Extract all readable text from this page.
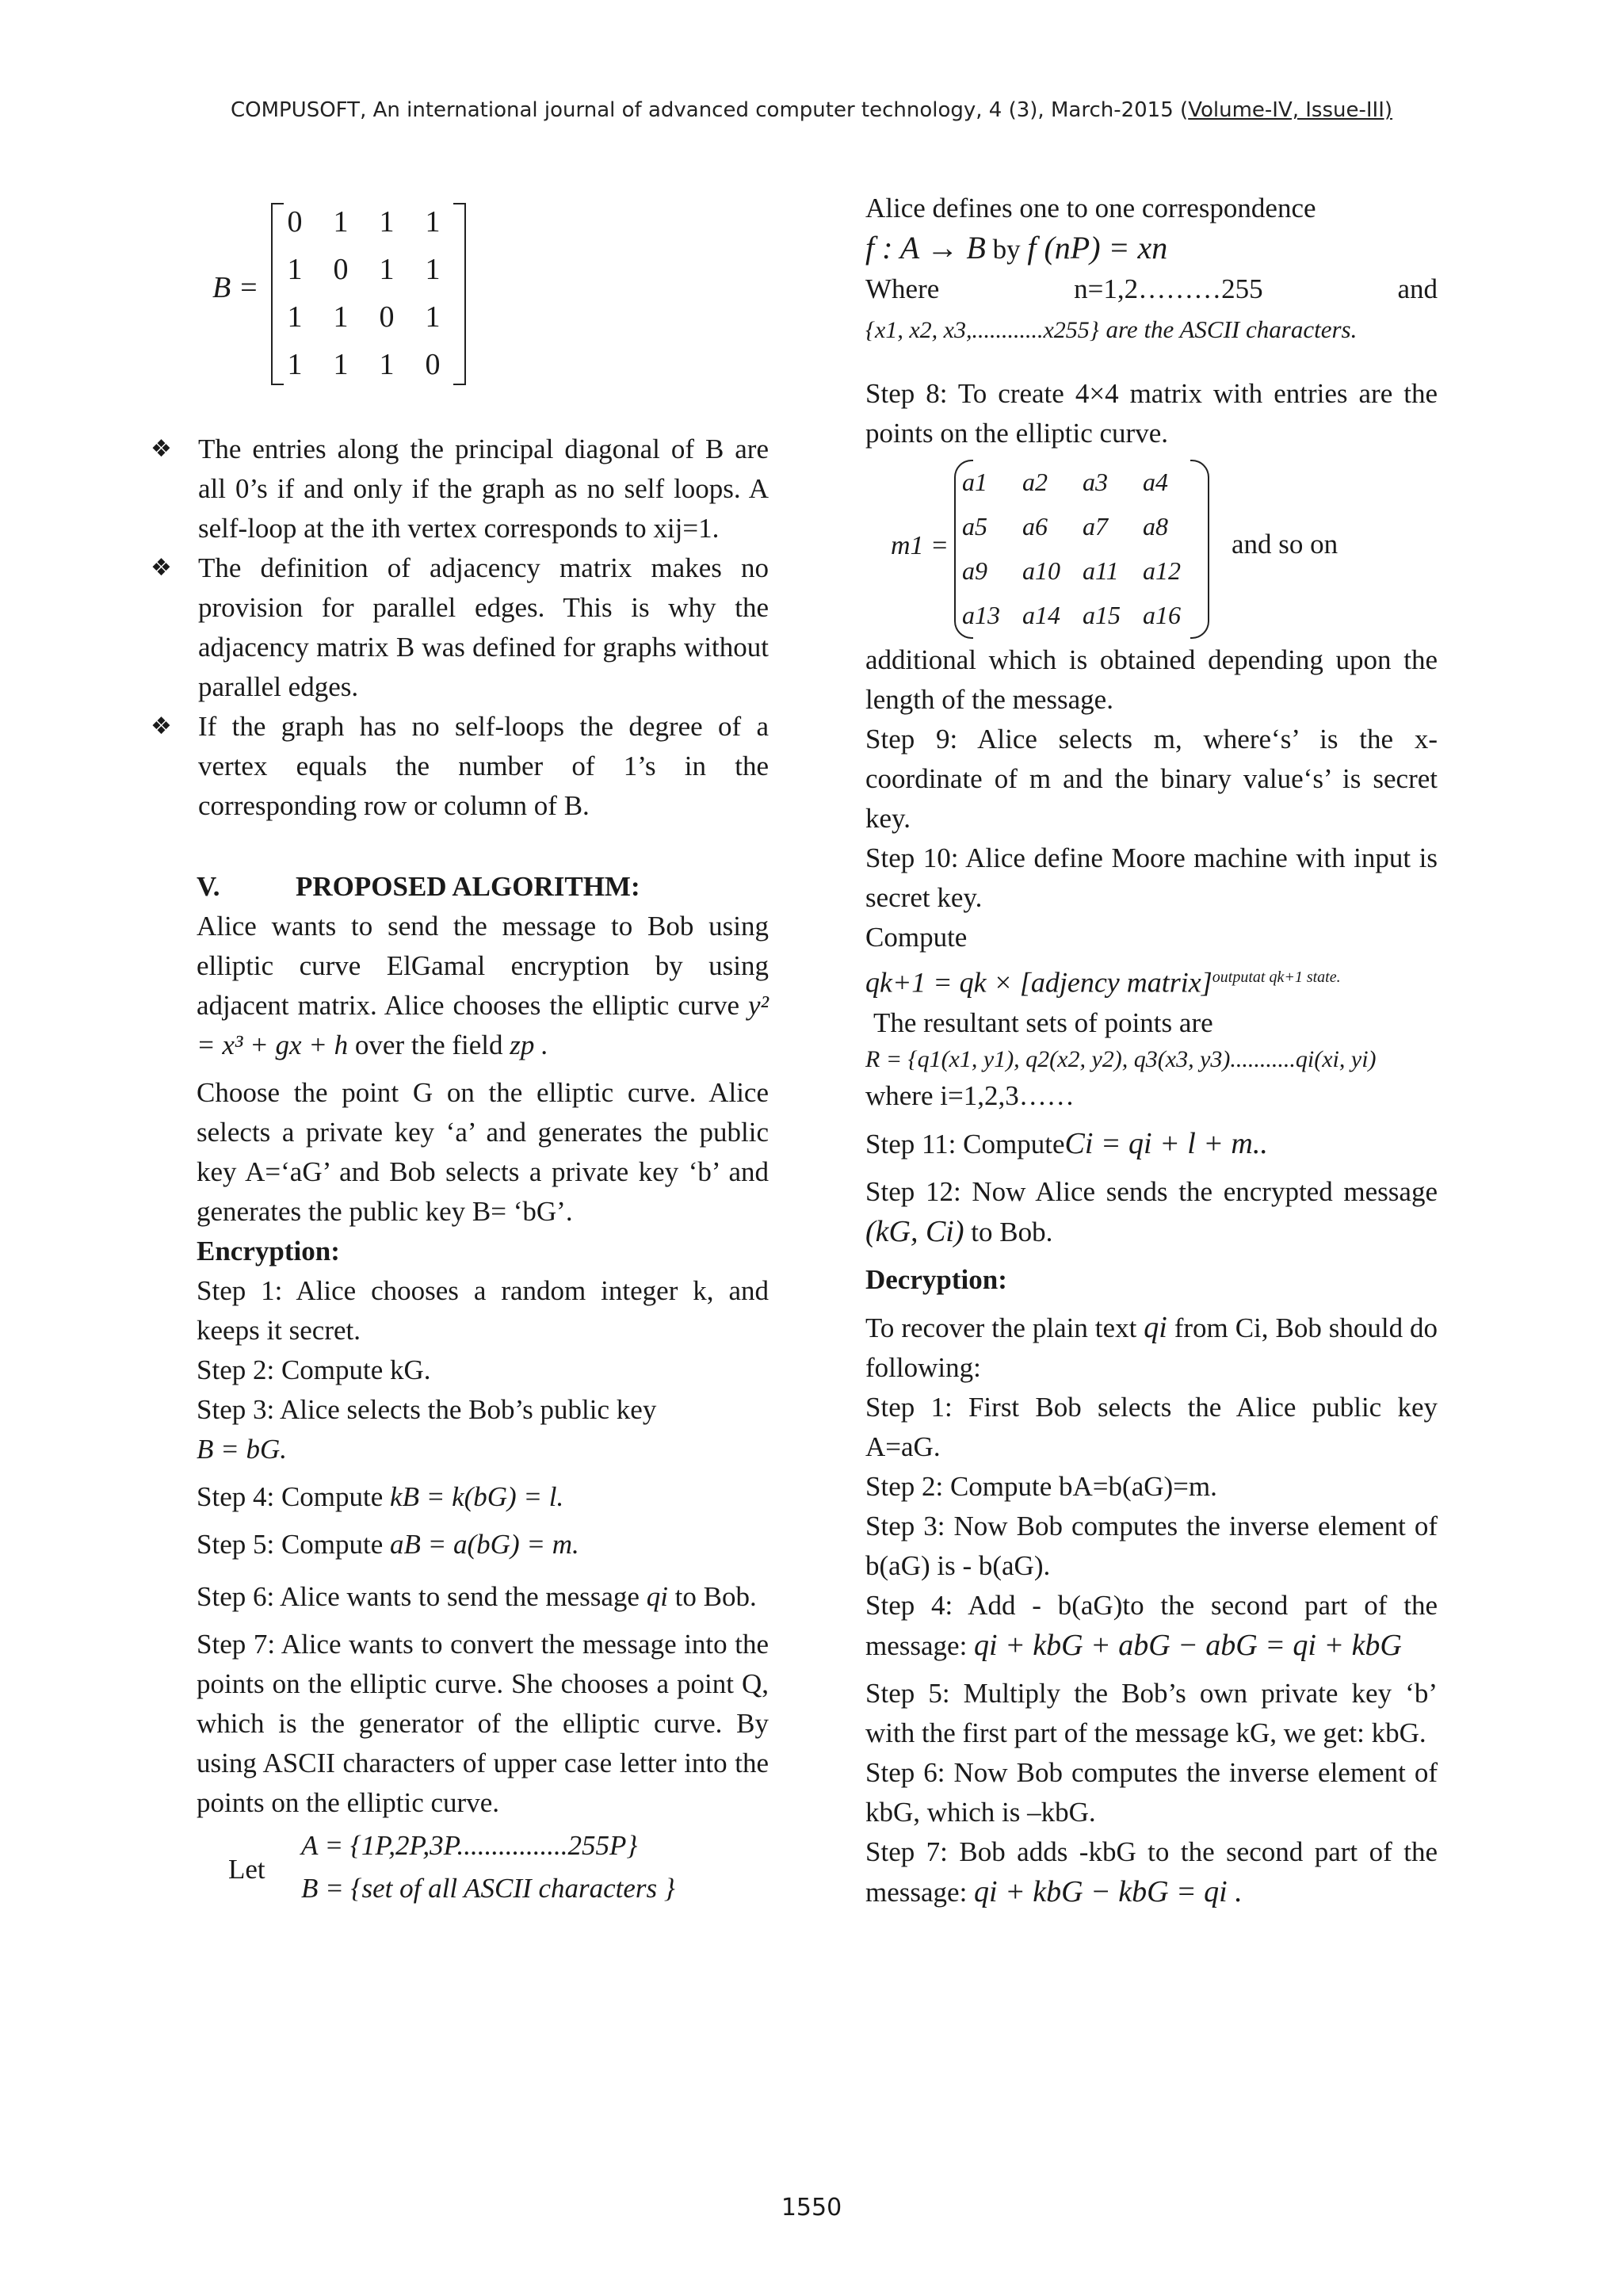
COMPUSOFT, An international journal of advanced computer technology, 4 (3), March-2015 (Volume-IV, Issue-III)
B =
0	1	1	1
1	0	1	1
1	1	0	1
1	1	1	0
❖ The entries along the principal diagonal of B are all 0’s if and only if the graph as no self loops. A self-loop at the ith vertex corresponds to xij=1.
❖ The definition of adjacency matrix makes no provision for parallel edges. This is why the adjacency matrix B was defined for graphs without parallel edges.
❖ If the graph has no self-loops the degree of a vertex equals the number of 1’s in the corresponding row or column of B.

V.	PROPOSED ALGORITHM:

Alice wants to send the message to Bob using elliptic curve ElGamal encryption by using adjacent matrix. Alice chooses the elliptic curve y² = x³ + gx + h over the field zp .

Choose the point G on the elliptic curve. Alice selects a private key ‘a’ and generates the public key A=‘aG’ and Bob selects a private key ‘b’ and generates the public key B= ‘bG’.

Encryption:

Step 1: Alice chooses a random integer k, and keeps it secret.

Step 2: Compute kG.

Step 3: Alice selects the Bob’s public key
B = bG.

Step 4: Compute kB = k(bG) = l.

Step 5: Compute aB = a(bG) = m.

Step 6: Alice wants to send the message qi to Bob.

Step 7: Alice wants to convert the message into the points on the elliptic curve. She chooses a point Q, which is the generator of the elliptic curve. By using ASCII characters of upper case letter into the points on the elliptic curve.

Let
A = {1P,2P,3P................255P}
B = {set of all ASCII characters }

Alice defines one to one correspondence

f : A → B by f (nP) = xn

Where	n=1,2………255	and

{x1, x2, x3,............x255} are the ASCII characters.

Step 8: To create 4×4 matrix with entries are the points on the elliptic curve.

m1 =
a1	a2	a3	a4
a5	a6	a7	a8
a9	a10	a11	a12
a13	a14	a15	a16
and so on

additional which is obtained depending upon the length of the message.

Step 9: Alice selects m, where‘s’ is the x-coordinate of m and the binary value‘s’ is secret key.

Step 10: Alice define Moore machine with input is secret key.

Compute

qk+1 = qk × [adjency matrix]$^{outputat qk+1 state.}$

The resultant sets of points are

R = {q1(x1, y1), q2(x2, y2), q3(x3, y3)...........qi(xi, yi)

where i=1,2,3……

Step 11: ComputeCi = qi + l + m..

Step 12: Now Alice sends the encrypted message (kG, Ci) to Bob.

Decryption:

To recover the plain text qi from Ci, Bob should do following:

Step 1: First Bob selects the Alice public key A=aG.

Step 2: Compute bA=b(aG)=m.

Step 3: Now Bob computes the inverse element of b(aG) is - b(aG).

Step 4: Add - b(aG)to the second part of the message: qi + kbG + abG − abG = qi + kbG

Step 5: Multiply the Bob’s own private key ‘b’ with the first part of the message kG, we get: kbG.

Step 6: Now Bob computes the inverse element of kbG, which is –kbG.

Step 7: Bob adds -kbG to the second part of the message: qi + kbG − kbG = qi .

1550
